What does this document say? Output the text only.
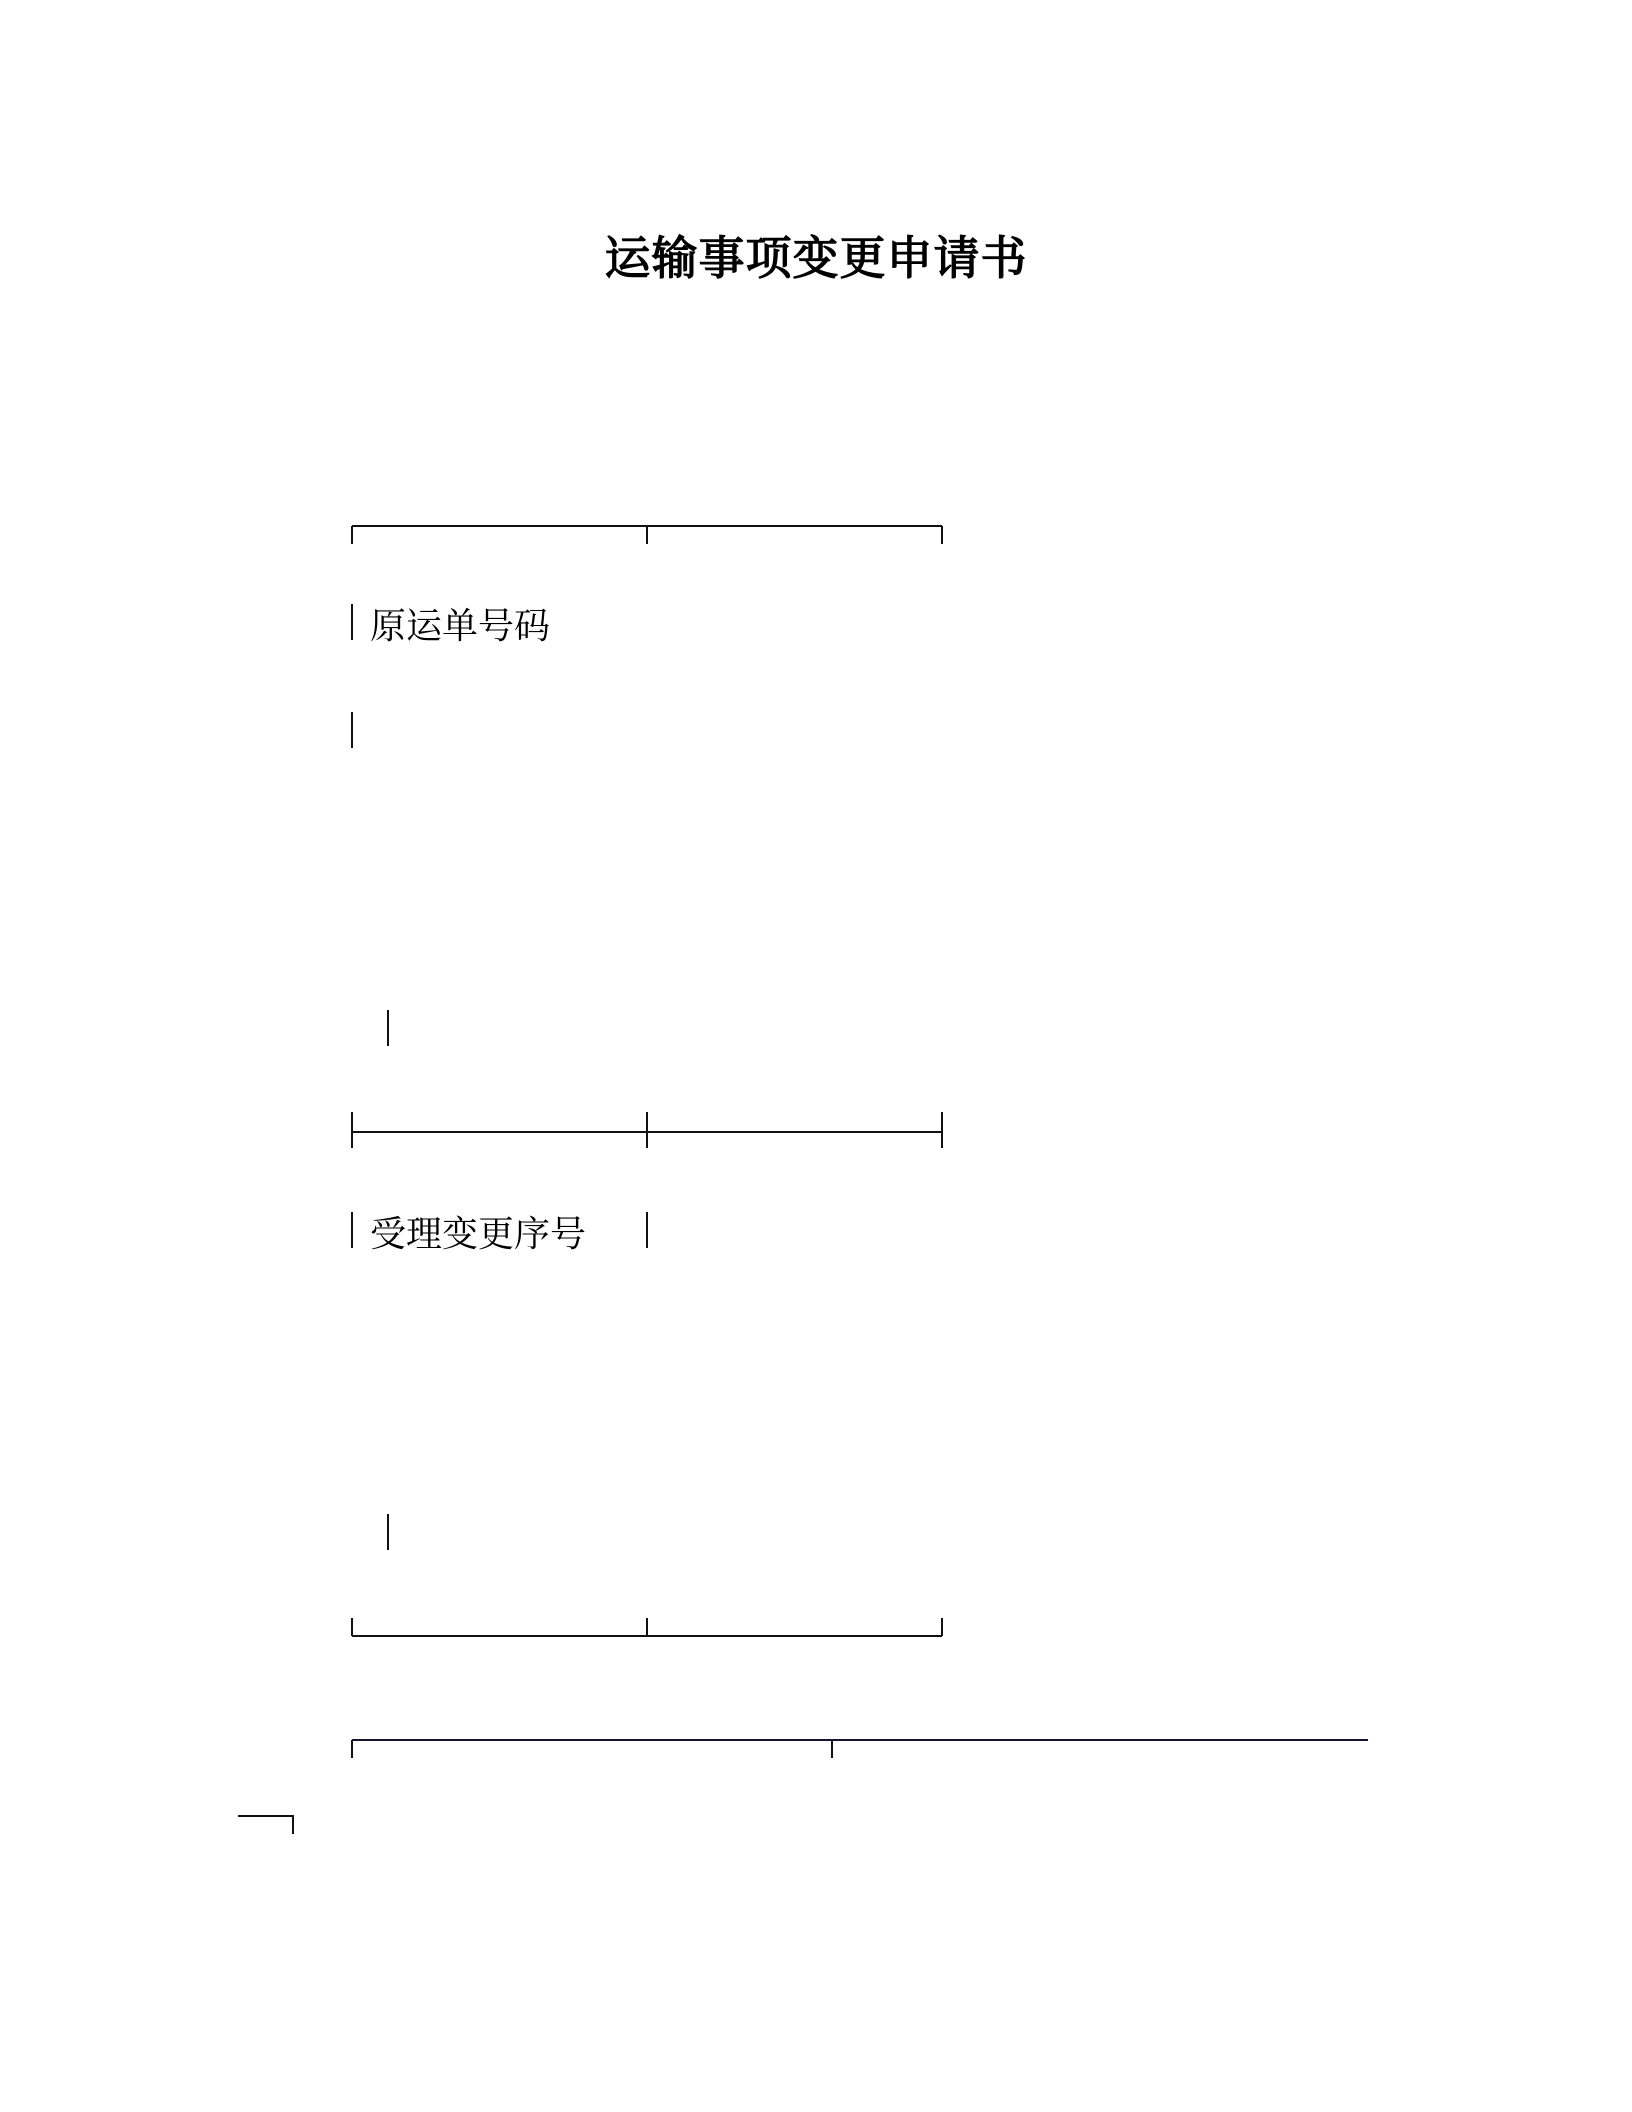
运输事项变更申请书
原运单号码
受理变更序号
